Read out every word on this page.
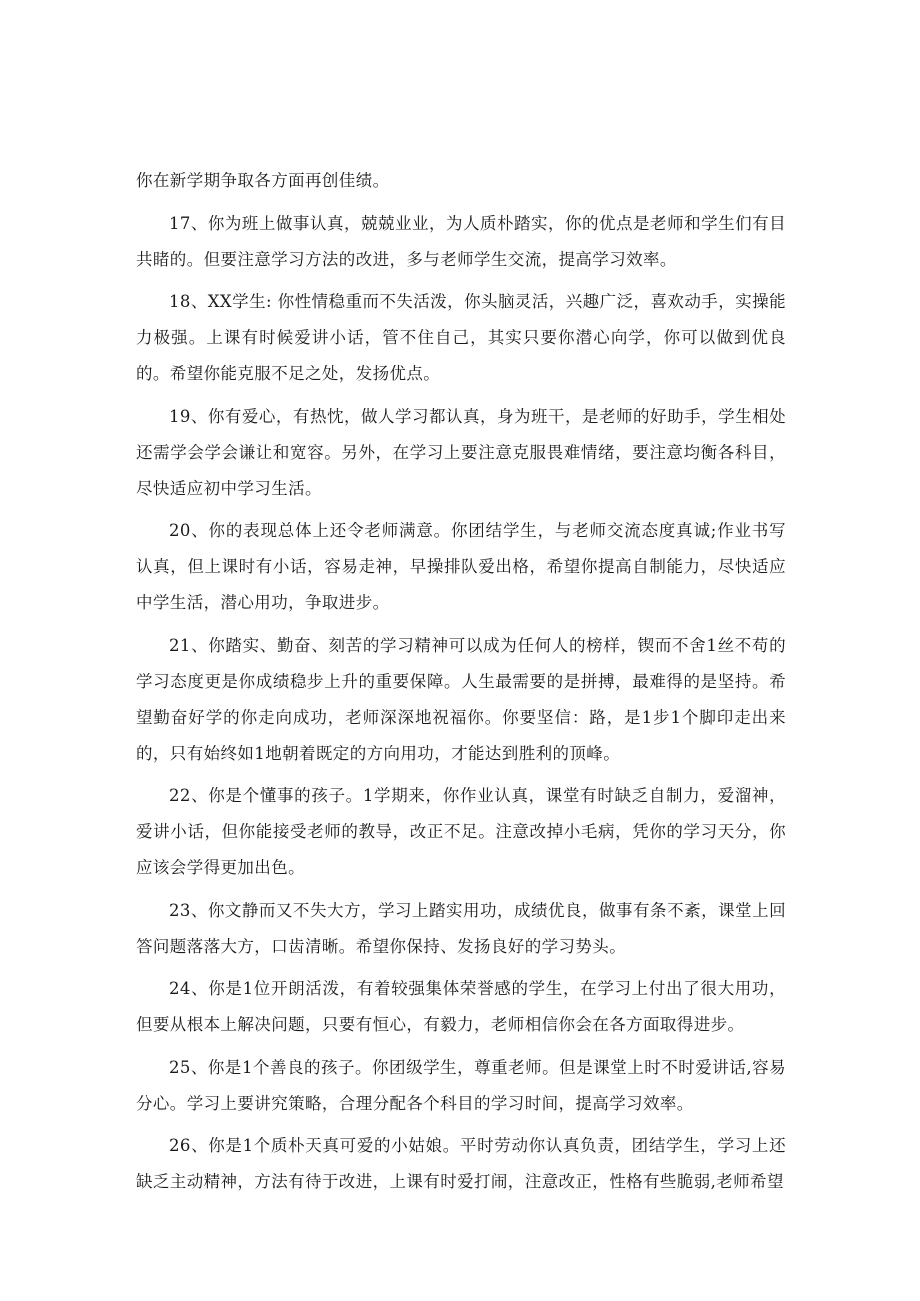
你在新学期争取各方面再创佳绩。

17、你为班上做事认真，兢兢业业，为人质朴踏实，你的优点是老师和学生们有目共睹的。但要注意学习方法的改进，多与老师学生交流，提高学习效率。

18、XX学生: 你性情稳重而不失活泼，你头脑灵活，兴趣广泛，喜欢动手，实操能力极强。上课有时候爱讲小话，管不住自己，其实只要你潜心向学，你可以做到优良的。希望你能克服不足之处，发扬优点。

19、你有爱心，有热忱，做人学习都认真，身为班干，是老师的好助手，学生相处还需学会学会谦让和宽容。另外，在学习上要注意克服畏难情绪，要注意均衡各科目，尽快适应初中学习生活。

20、你的表现总体上还令老师满意。你团结学生，与老师交流态度真诚;作业书写认真，但上课时有小话，容易走神，早操排队爱出格，希望你提高自制能力，尽快适应中学生活，潜心用功，争取进步。

21、你踏实、勤奋、刻苦的学习精神可以成为任何人的榜样，锲而不舍1丝不苟的学习态度更是你成绩稳步上升的重要保障。人生最需要的是拼搏，最难得的是坚持。希望勤奋好学的你走向成功，老师深深地祝福你。你要坚信：路，是1步1个脚印走出来的，只有始终如1地朝着既定的方向用功，才能达到胜利的顶峰。

22、你是个懂事的孩子。1学期来，你作业认真，课堂有时缺乏自制力，爱溜神，爱讲小话，但你能接受老师的教导，改正不足。注意改掉小毛病，凭你的学习天分，你应该会学得更加出色。

23、你文静而又不失大方，学习上踏实用功，成绩优良，做事有条不紊，课堂上回答问题落落大方，口齿清晰。希望你保持、发扬良好的学习势头。

24、你是1位开朗活泼，有着较强集体荣誉感的学生，在学习上付出了很大用功，但要从根本上解决问题，只要有恒心，有毅力，老师相信你会在各方面取得进步。

25、你是1个善良的孩子。你团级学生，尊重老师。但是课堂上时不时爱讲话,容易分心。学习上要讲究策略，合理分配各个科目的学习时间，提高学习效率。

26、你是1个质朴天真可爱的小姑娘。平时劳动你认真负责，团结学生，学习上还缺乏主动精神，方法有待于改进，上课有时爱打闹，注意改正，性格有些脆弱,老师希望
